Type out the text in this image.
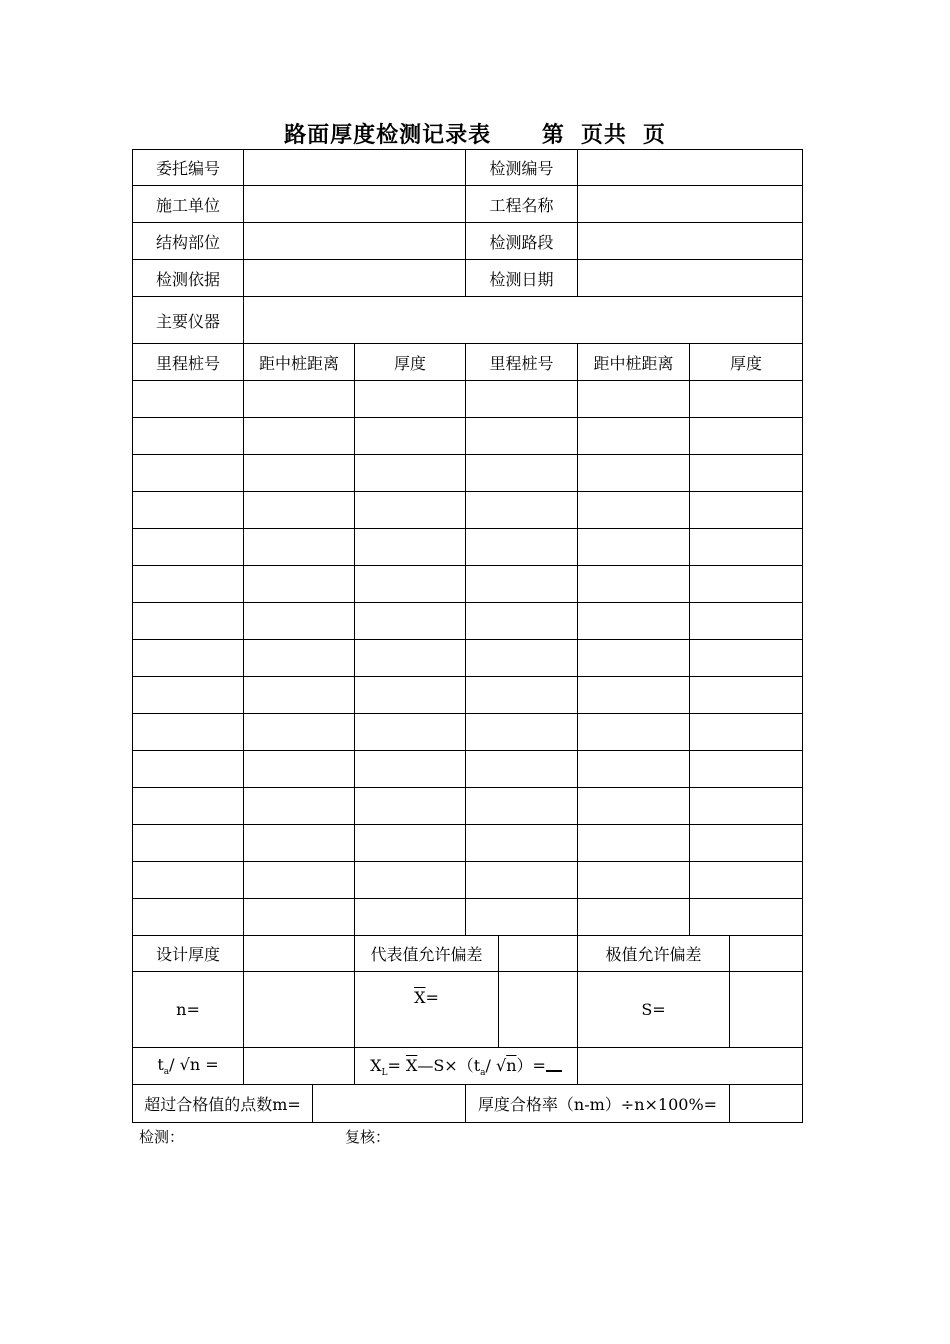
路面厚度检测记录表 第 页共 页
委托编号				检测编号				
施工单位				工程名称				
结构部位				检测路段				
检测依据				检测日期				
主要仪器								
里程桩号	距中桩距离		厚度	里程桩号		距中桩距离	厚度	

设计厚度			代表值允许偏差			极值允许偏差		
n=			$\overline{X}=$			S=		
$t_a/$ √n =			$X_L=$ $\overline{X}—S\times(t_a/$ √n）=					
超过合格值的点数m=				厚度合格率（n-m）÷n×100%=				
检测：	复核：
